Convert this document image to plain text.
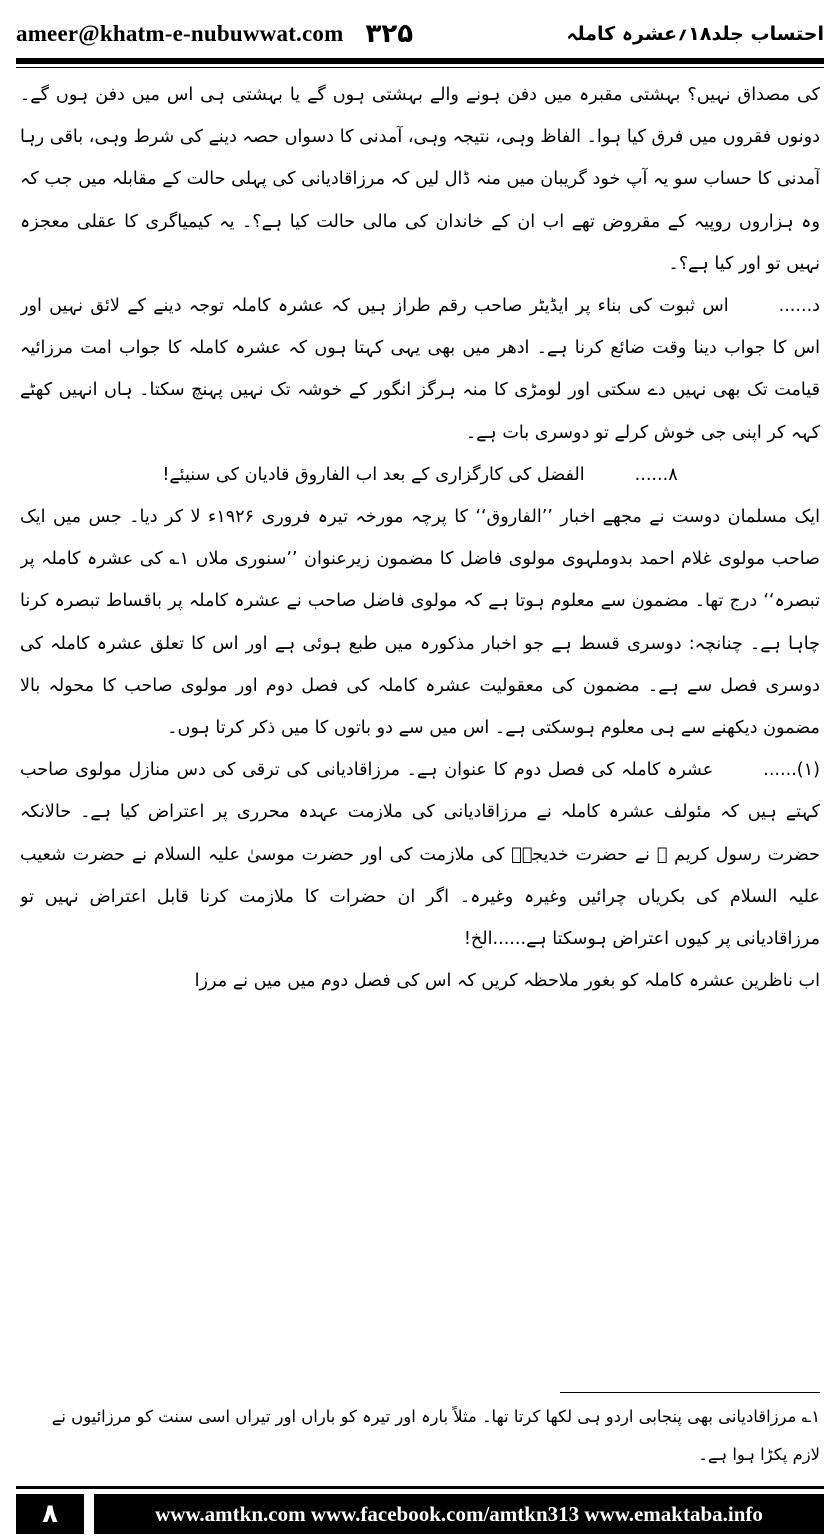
ameer@khatm-e-nubuwwat.com ۳۲۵	احتساب جلد۱۸؍عشرہ کاملہ

کی مصداق نہیں؟ بہشتی مقبرہ میں دفن ہونے والے بہشتی ہوں گے یا بہشتی ہی اس میں دفن ہوں گے۔ دونوں فقروں میں فرق کیا ہوا۔ الفاظ وہی، نتیجہ وہی، آمدنی کا دسواں حصہ دینے کی شرط وہی، باقی رہا آمدنی کا حساب سو یہ آپ خود گریبان میں منہ ڈال لیں کہ مرزاقادیانی کی پہلی حالت کے مقابلہ میں جب کہ وہ ہزاروں روپیہ کے مقروض تھے اب ان کے خاندان کی مالی حالت کیا ہے؟۔ یہ کیمیاگری کا عقلی معجزہ نہیں تو اور کیا ہے؟۔

د......اس ثبوت کی بناء پر ایڈیٹر صاحب رقم طراز ہیں کہ عشرہ کاملہ توجہ دینے کے لائق نہیں اور اس کا جواب دینا وقت ضائع کرنا ہے۔ ادھر میں بھی یہی کہتا ہوں کہ عشرہ کاملہ کا جواب امت مرزائیہ قیامت تک بھی نہیں دے سکتی اور لومڑی کا منہ ہرگز انگور کے خوشہ تک نہیں پہنچ سکتا۔ ہاں انہیں کھٹے کہہ کر اپنی جی خوش کرلے تو دوسری بات ہے۔

۸......الفضل کی کارگزاری کے بعد اب الفاروق قادیان کی سنیئے!

ایک مسلمان دوست نے مجھے اخبار ’’الفاروق‘‘ کا پرچہ مورخہ تیرہ فروری ۱۹۲۶ء لا کر دیا۔ جس میں ایک صاحب مولوی غلام احمد بدوملہوی مولوی فاضل کا مضمون زیرعنوان ’’سنوری ملاں ۱؎ کی عشرہ کاملہ پر تبصرہ‘‘ درج تھا۔ مضمون سے معلوم ہوتا ہے کہ مولوی فاضل صاحب نے عشرہ کاملہ پر باقساط تبصرہ کرنا چاہا ہے۔ چنانچہ: دوسری قسط ہے جو اخبار مذکورہ میں طبع ہوئی ہے اور اس کا تعلق عشرہ کاملہ کی دوسری فصل سے ہے۔ مضمون کی معقولیت عشرہ کاملہ کی فصل دوم اور مولوی صاحب کا محولہ بالا مضمون دیکھنے سے ہی معلوم ہوسکتی ہے۔ اس میں سے دو باتوں کا میں ذکر کرتا ہوں۔

(۱)......عشرہ کاملہ کی فصل دوم کا عنوان ہے۔ مرزاقادیانی کی ترقی کی دس منازل مولوی صاحب کہتے ہیں کہ مئولف عشرہ کاملہ نے مرزاقادیانی کی ملازمت عہدہ محرری پر اعتراض کیا ہے۔ حالانکہ حضرت رسول کریم ﷺ نے حضرت خدیجہؓ کی ملازمت کی اور حضرت موسیٰ علیہ السلام نے حضرت شعیب علیہ السلام کی بکریاں چرائیں وغیرہ وغیرہ۔ اگر ان حضرات کا ملازمت کرنا قابل اعتراض نہیں تو مرزاقادیانی پر کیوں اعتراض ہوسکتا ہے......الخ!

اب ناظرین عشرہ کاملہ کو بغور ملاحظہ کریں کہ اس کی فصل دوم میں میں نے مرزا

۱؎ مرزاقادیانی بھی پنجابی اردو ہی لکھا کرتا تھا۔ مثلاً بارہ اور تیرہ کو باراں اور تیراں اسی سنت کو مرزائیوں نے لازم پکڑا ہوا ہے۔

۸	www.amtkn.com www.facebook.com/amtkn313 www.emaktaba.info
